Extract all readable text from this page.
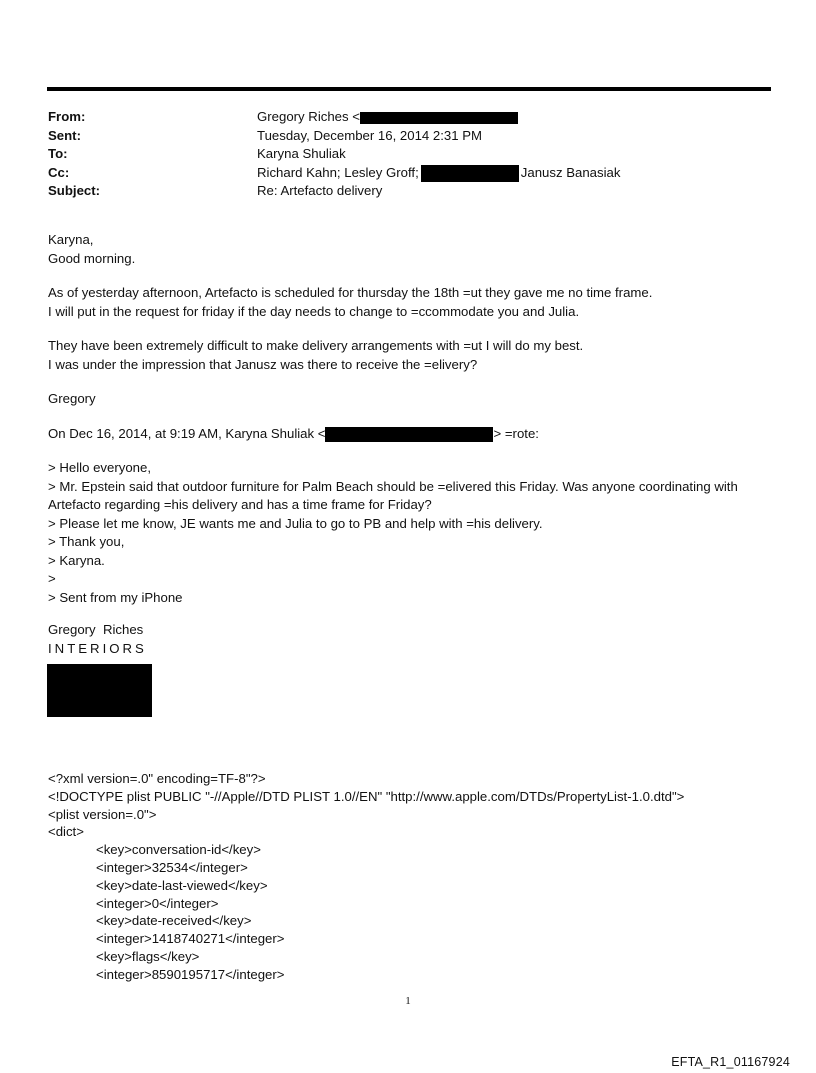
From:	Gregory Riches <
Sent:	Tuesday, December 16, 2014 2:31 PM
To:	Karyna Shuliak
Cc:	Richard Kahn; Lesley Groff;	Janusz Banasiak
Subject:	Re: Artefacto delivery

Karyna,

Good morning.

As of yesterday afternoon, Artefacto is scheduled for thursday the 18th =ut they gave me no time frame.

I will put in the request for friday if the day needs to change to =ccommodate you and Julia.

They have been extremely difficult to make delivery arrangements with =ut I will do my best.

I was under the impression that Janusz was there to receive the =elivery?

Gregory

On Dec 16, 2014, at 9:19 AM, Karyna Shuliak <	> =rote:

> Hello everyone,

> Mr. Epstein said that outdoor furniture for Palm Beach should be =elivered this Friday. Was anyone coordinating with Artefacto regarding =his delivery and has a time frame for Friday?

> Please let me know, JE wants me and Julia to go to PB and help with =his delivery.

> Thank you,

> Karyna.

>

> Sent from my iPhone

Gregory  Riches

INTERIORS

<?xml version=.0" encoding=TF-8"?>
<!DOCTYPE plist PUBLIC "-//Apple//DTD PLIST 1.0//EN" "http://www.apple.com/DTDs/PropertyList-1.0.dtd">
<plist version=.0">
<dict>
<key>conversation-id</key>
<integer>32534</integer>
<key>date-last-viewed</key>
<integer>0</integer>
<key>date-received</key>
<integer>1418740271</integer>
<key>flags</key>
<integer>8590195717</integer>
1
EFTA_R1_01167924
